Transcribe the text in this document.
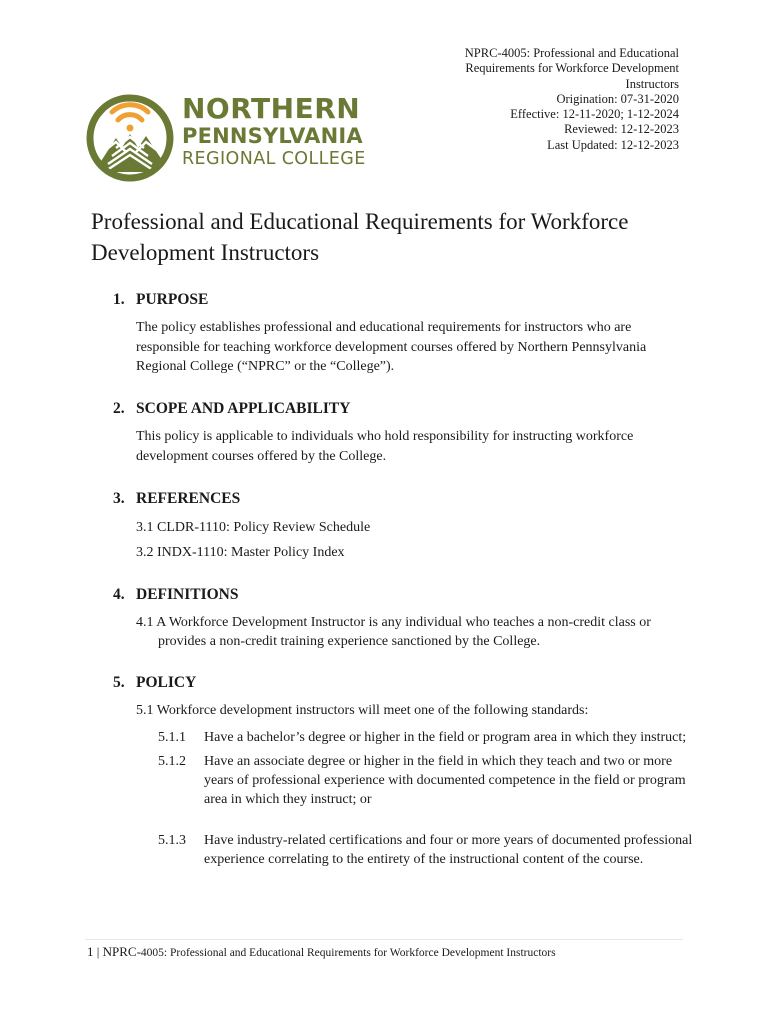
NPRC-4005: Professional and Educational
Requirements for Workforce Development
Instructors
Origination: 07-31-2020
Effective: 12-11-2020; 1-12-2024
Reviewed: 12-12-2023
Last Updated: 12-12-2023
NORTHERN
PENNSYLVANIA
REGIONAL COLLEGE
Professional and Educational Requirements for Workforce Development Instructors

1. PURPOSE

The policy establishes professional and educational requirements for instructors who are responsible for teaching workforce development courses offered by Northern Pennsylvania Regional College (“NPRC” or the “College”).

2. SCOPE AND APPLICABILITY

This policy is applicable to individuals who hold responsibility for instructing workforce development courses offered by the College.

3. REFERENCES

3.1 CLDR-1110: Policy Review Schedule
3.2 INDX-1110: Master Policy Index

4. DEFINITIONS

4.1 A Workforce Development Instructor is any individual who teaches a non-credit class or provides a non-credit training experience sanctioned by the College.

5. POLICY

5.1 Workforce development instructors will meet one of the following standards:
5.1.1 Have a bachelor’s degree or higher in the field or program area in which they instruct;
5.1.2 Have an associate degree or higher in the field in which they teach and two or more years of professional experience with documented competence in the field or program area in which they instruct; or
5.1.3 Have industry-related certifications and four or more years of documented professional experience correlating to the entirety of the instructional content of the course.
1 | NPRC-4005: Professional and Educational Requirements for Workforce Development Instructors
